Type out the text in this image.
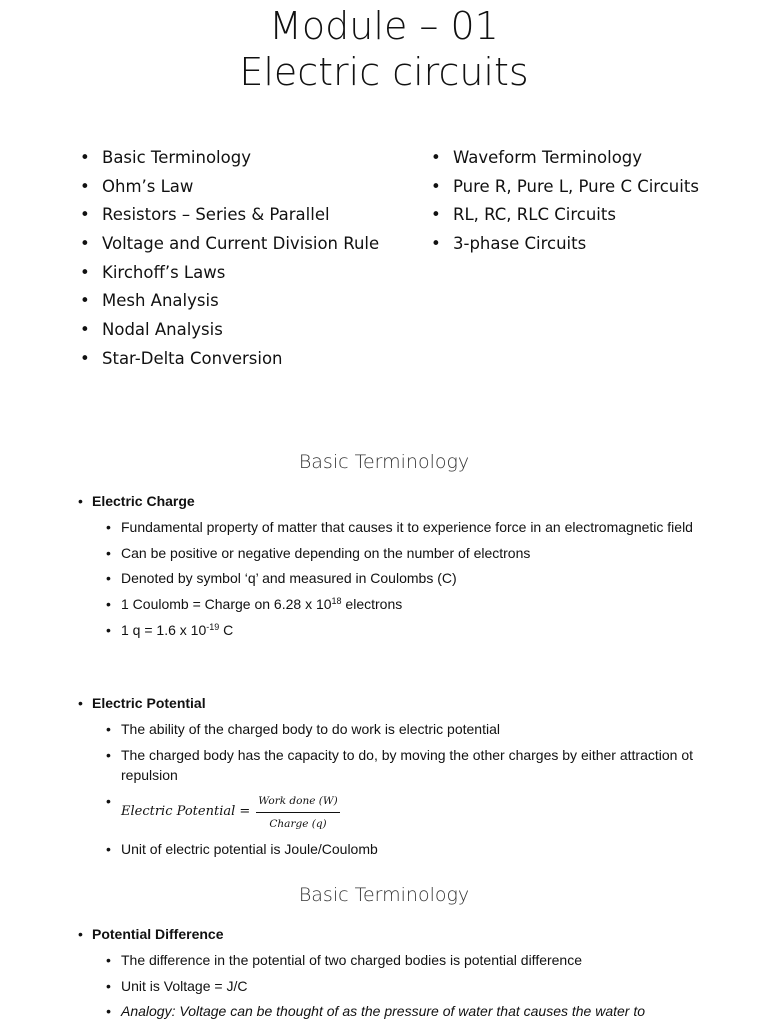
Module – 01
Electric circuits
• Basic Terminology
• Ohm’s Law
• Resistors – Series & Parallel
• Voltage and Current Division Rule
• Kirchoff’s Laws
• Mesh Analysis
• Nodal Analysis
• Star-Delta Conversion
• Waveform Terminology
• Pure R, Pure L, Pure C Circuits
• RL, RC, RLC Circuits
• 3-phase Circuits
Basic Terminology
• Electric Charge
• Fundamental property of matter that causes it to experience force in an electromagnetic field
• Can be positive or negative depending on the number of electrons
• Denoted by symbol ‘q’ and measured in Coulombs (C)
• 1 Coulomb = Charge on 6.28 x $10^{18}$ electrons
• 1 q = 1.6 x $10^{-19}$ C
• Electric Potential
• The ability of the charged body to do work is electric potential
• The charged body has the capacity to do, by moving the other charges by either attraction ot repulsion
• Electric Potential = $\frac{\text{Work done (W)}}{\text{Charge (q)}}$
• Unit of electric potential is Joule/Coulomb
Basic Terminology
• Potential Difference
• The difference in the potential of two charged bodies is potential difference
• Unit is Voltage = J/C
• Analogy: Voltage can be thought of as the pressure of water that causes the water to
